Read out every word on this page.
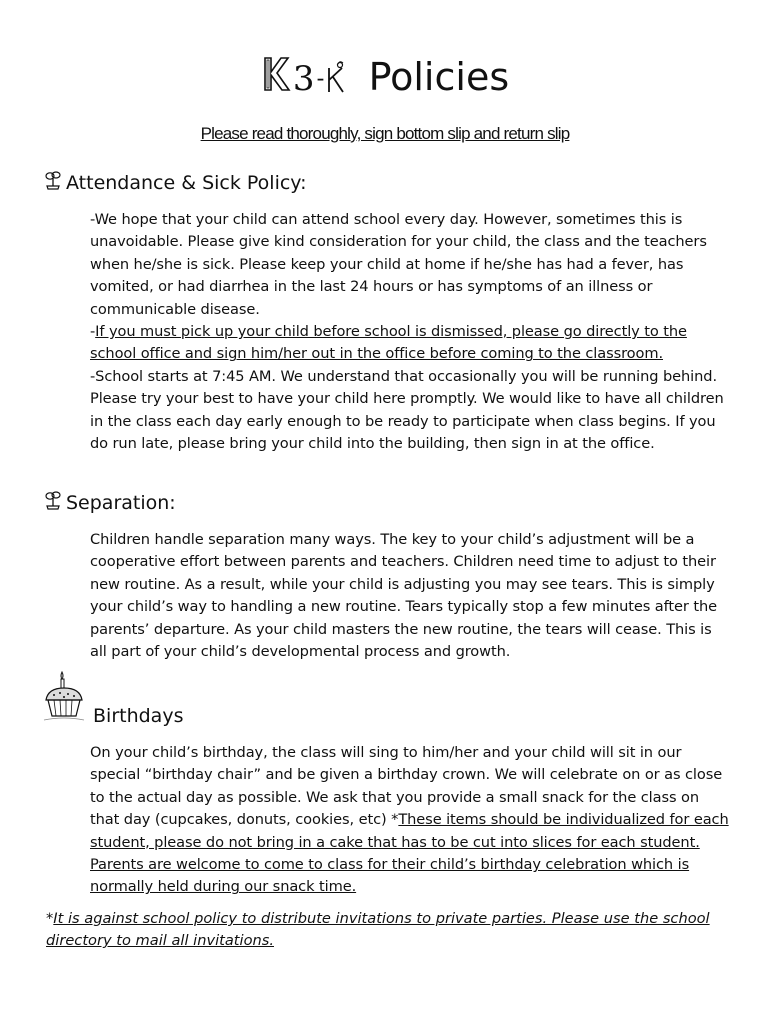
3- Policies
Please read thoroughly, sign bottom slip and return slip
Attendance & Sick Policy:

-We hope that your child can attend school every day. However, sometimes this is unavoidable. Please give kind consideration for your child, the class and the teachers when he/she is sick. Please keep your child at home if he/she has had a fever, has vomited, or had diarrhea in the last 24 hours or has symptoms of an illness or communicable disease.

-If you must pick up your child before school is dismissed, please go directly to the school office and sign him/her out in the office before coming to the classroom.

-School starts at 7:45 AM. We understand that occasionally you will be running behind. Please try your best to have your child here promptly. We would like to have all children in the class each day early enough to be ready to participate when class begins. If you do run late, please bring your child into the building, then sign in at the office.

Separation:

Children handle separation many ways. The key to your child’s adjustment will be a cooperative effort between parents and teachers. Children need time to adjust to their new routine. As a result, while your child is adjusting you may see tears. This is simply your child’s way to handling a new routine. Tears typically stop a few minutes after the parents’ departure. As your child masters the new routine, the tears will cease. This is all part of your child’s developmental process and growth.

Birthdays

On your child’s birthday, the class will sing to him/her and your child will sit in our special “birthday chair” and be given a birthday crown. We will celebrate on or as close to the actual day as possible. We ask that you provide a small snack for the class on that day (cupcakes, donuts, cookies, etc) *These items should be individualized for each student, please do not bring in a cake that has to be cut into slices for each student. Parents are welcome to come to class for their child’s birthday celebration which is normally held during our snack time.

*It is against school policy to distribute invitations to private parties. Please use the school directory to mail all invitations.
